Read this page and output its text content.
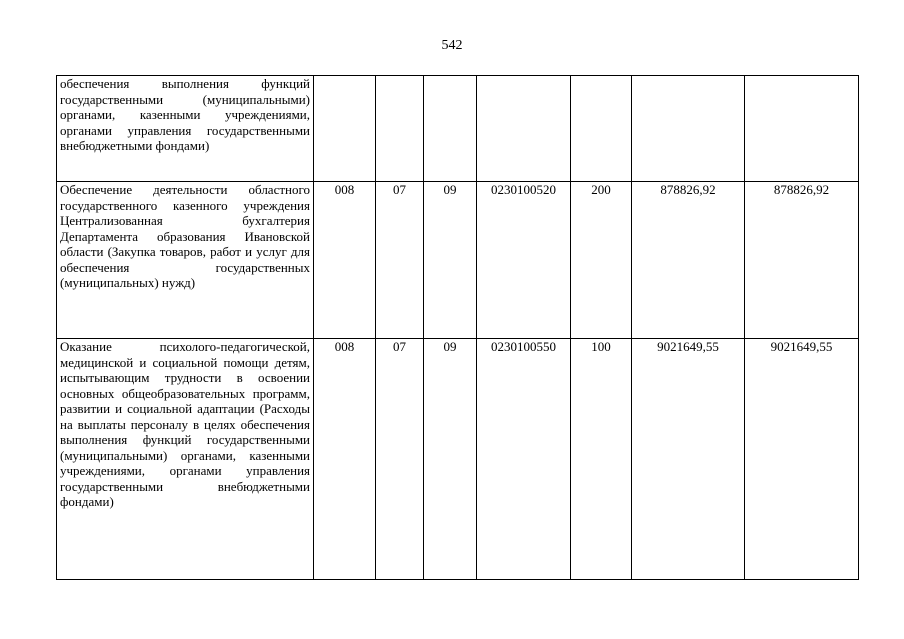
542
обеспечения выполнения функций государственными (муниципальными) органами, казенными учреждениями, органами управления государственными внебюджетными фондами)							
Обеспечение деятельности областного государственного казенного учреждения Централизованная бухгалтерия Департамента образования Ивановской области (Закупка товаров, работ и услуг для обеспечения государственных (муниципальных) нужд)	008	07	09	0230100520	200	878826,92	878826,92
Оказание психолого-педагогической, медицинской и социальной помощи детям, испытывающим трудности в освоении основных общеобразовательных программ, развитии и социальной адаптации (Расходы на выплаты персоналу в целях обеспечения выполнения функций государственными (муниципальными) органами, казенными учреждениями, органами управления государственными внебюджетными фондами)	008	07	09	0230100550	100	9021649,55	9021649,55
